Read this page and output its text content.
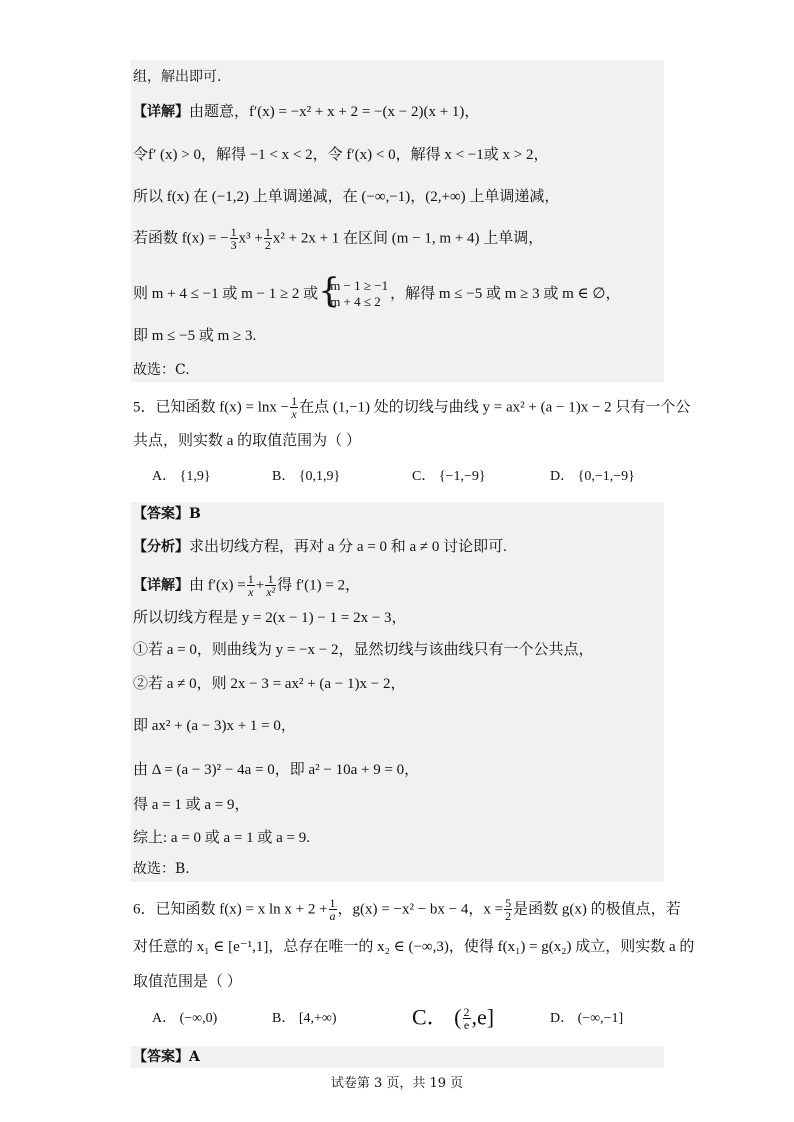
组，解出即可.
【详解】由题意，f′(x) = −x² + x + 2 = −(x − 2)(x + 1)，
令f′ (x) > 0，解得 −1 < x < 2，令 f′(x) < 0，解得 x < −1或 x > 2，
所以 f(x) 在 (−1,2) 上单调递减，在 (−∞,−1)，(2,+∞) 上单调递减，
若函数 f(x) = − $\frac{1}{3} x^3 + \frac{1}{2} x^2 + 2x + 1$ 在区间 (m − 1, m + 4) 上单调，
则 m + 4 ≤ −1 或 m − 1 ≥ 2 或
{ m − 1 ≥ −1
m + 4 ≤ 2 ，解得 m ≤ −5 或 m ≥ 3 或 m ∈ ∅，
即 m ≤ −5 或 m ≥ 3.
故选：C.
5．已知函数 $f(x) = \ln x - \frac{1}{x}$ 在点 (1,−1) 处的切线与曲线 y = ax² + (a − 1)x − 2 只有一个公
共点，则实数 a 的取值范围为（ ）
A． {1,9}	B． {0,1,9}	C． {−1,−9}	D． {0,−1,−9}
【答案】B
【分析】求出切线方程，再对 a 分 a = 0 和 a ≠ 0 讨论即可.
【详解】由 $f'(x) = \frac{1}{x} + \frac{1}{\text{x²}}$ 得 f′(1) = 2，
所以切线方程是 y = 2(x − 1) − 1 = 2x − 3，
①若 a = 0，则曲线为 y = −x − 2，显然切线与该曲线只有一个公共点，
②若 a ≠ 0，则 2x − 3 = ax² + (a − 1)x − 2，
即 ax² + (a − 3)x + 1 = 0，
由 Δ = (a − 3)² − 4a = 0，即 a² − 10a + 9 = 0，
得 a = 1 或 a = 9，
综上: a = 0 或 a = 1 或 a = 9.
故选：B.
6．已知函数 f(x) = x $\ln x + 2 + \frac{1}{a}$ ，g(x) = −x² − bx − 4，$x = \frac{5}{2}$ 是函数 g(x) 的极值点，若
对任意的 x₁ ∈ [e⁻¹,1]，总存在唯一的 x₂ ∈ (−∞,3)，使得 f(x₁) = g(x₂) 成立，则实数 a 的
取值范围是（ ）
A． (−∞,0)	B． [4,+∞)	C． ( $\frac{2}{e} ,e$]	D． (−∞,−1]
【答案】A
试卷第 3 页，共 19 页
